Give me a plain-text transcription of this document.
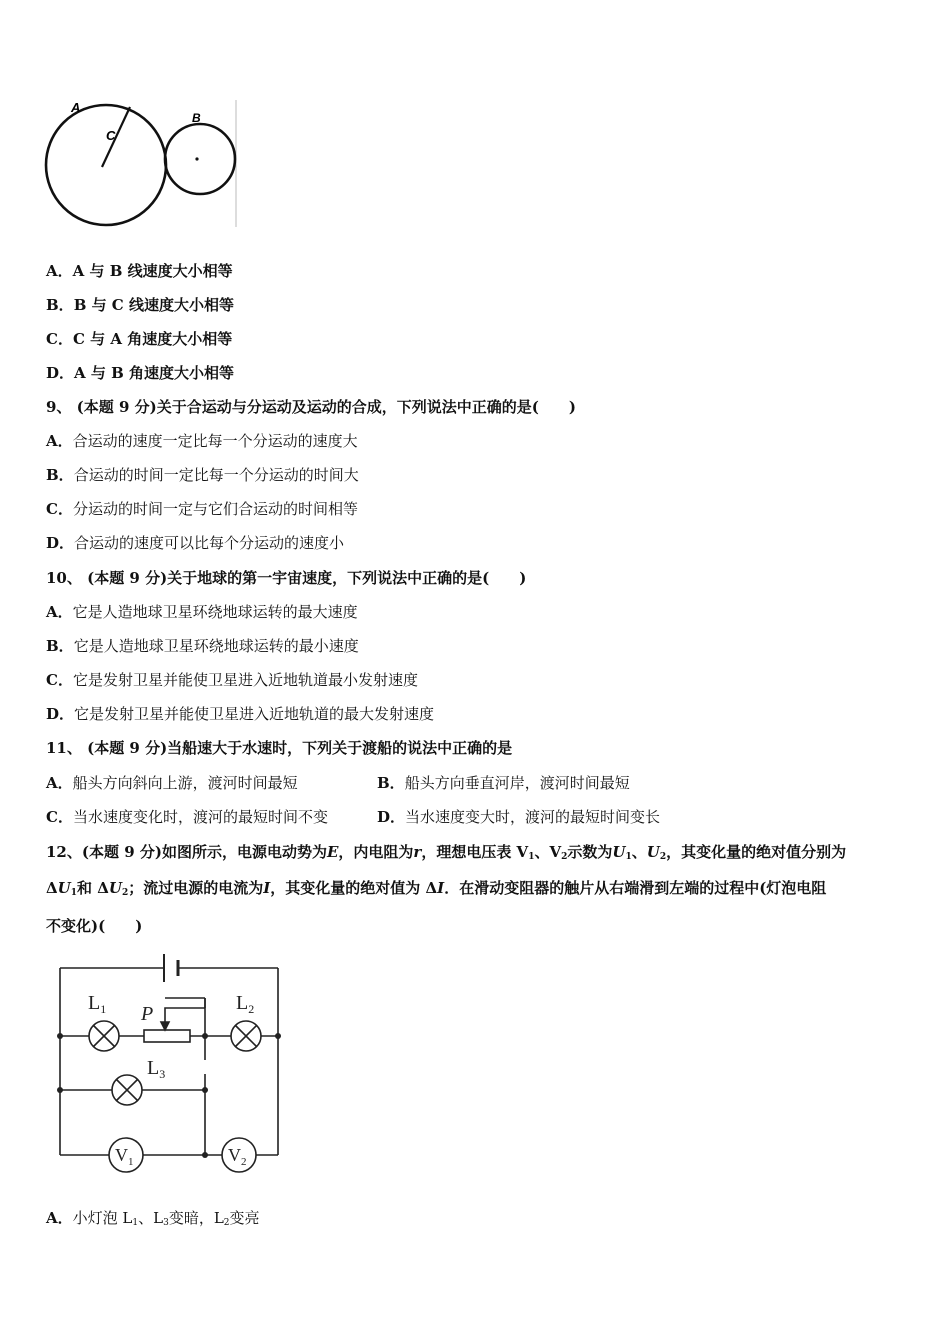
A
C
B
A．A 与 B 线速度大小相等
B．B 与 C 线速度大小相等
C．C 与 A 角速度大小相等
D．A 与 B 角速度大小相等
9、 (本题 9 分)关于合运动与分运动及运动的合成，下列说法中正确的是(　　)
A．合运动的速度一定比每一个分运动的速度大
B．合运动的时间一定比每一个分运动的时间大
C．分运动的时间一定与它们合运动的时间相等
D．合运动的速度可以比每个分运动的速度小
10、 (本题 9 分)关于地球的第一宇宙速度，下列说法中正确的是(　　)
A．它是人造地球卫星环绕地球运转的最大速度
B．它是人造地球卫星环绕地球运转的最小速度
C．它是发射卫星并能使卫星进入近地轨道最小发射速度
D．它是发射卫星并能使卫星进入近地轨道的最大发射速度
11、 (本题 9 分)当船速大于水速时，下列关于渡船的说法中正确的是
A．船头方向斜向上游，渡河时间最短	B．船头方向垂直河岸，渡河时间最短
C．当水速度变化时，渡河的最短时间不变	D．当水速度变大时，渡河的最短时间变长
12、(本题 9 分)如图所示，电源电动势为E，内电阻为r，理想电压表 $V_1$、$V_2$示数为$U_1$、$U_2$，其变化量的绝对值分别为
$\Delta U_1$和 $\Delta U_2$；流过电源的电流为I，其变化量的绝对值为 ΔI．在滑动变阻器的触片从右端滑到左端的过程中(灯泡电阻
不变化)(　　)
$L_1$	$L_2$
$L_3$
P
$V_1$	$V_2$
A．小灯泡 $L_1$、$L_3$变暗，$L_2$变亮
